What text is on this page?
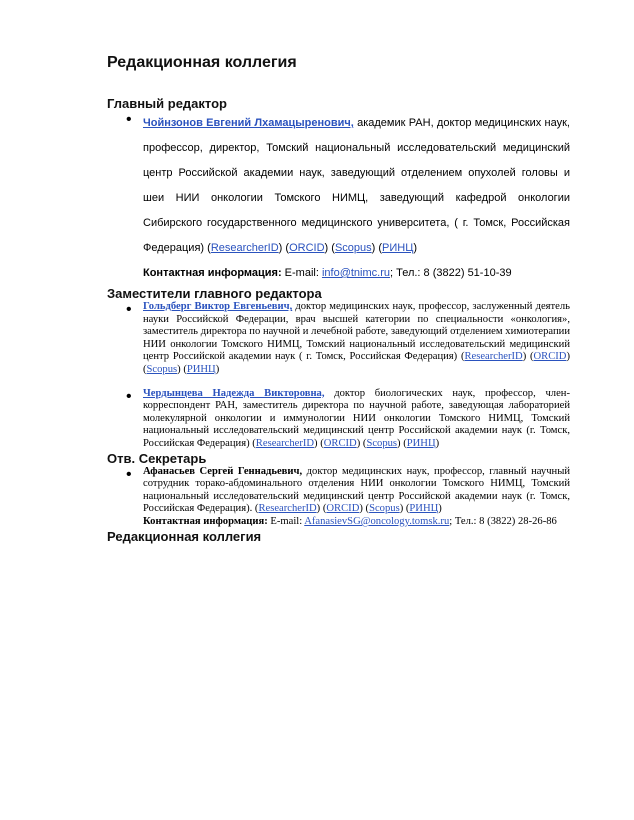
Редакционная коллегия
Главный редактор
• Чойнзонов Евгений Лхамацыренович, академик РАН, доктор медицинских наук, профессор, директор, Томский национальный исследовательский медицинский центр Российской академии наук, заведующий отделением опухолей головы и шеи НИИ онкологии Томского НИМЦ, заведующий кафедрой онкологии Сибирского государственного медицинского университета, ( г. Томск, Российская Федерация) (ResearcherID) (ORCID) (Scopus) (РИНЦ)
Контактная информация: E-mail: info@tnimc.ru; Тел.: 8 (3822) 51-10-39
Заместители главного редактора
• Гольдберг Виктор Евгеньевич, доктор медицинских наук, профессор, заслуженный деятель науки Российской Федерации, врач высшей категории по специальности «онкология», заместитель директора по научной и лечебной работе, заведующий отделением химиотерапии НИИ онкологии Томского НИМЦ, Томский национальный исследовательский медицинский центр Российской академии наук ( г. Томск, Российская Федерация) (ResearcherID) (ORCID) (Scopus) (РИНЦ)
• Чердынцева Надежда Викторовна, доктор биологических наук, профессор, член-корреспондент РАН, заместитель директора по научной работе, заведующая лабораторией молекулярной онкологии и иммунологии НИИ онкологии Томского НИМЦ, Томский национальный исследовательский медицинский центр Российской академии наук (г. Томск, Российская Федерация) (ResearcherID) (ORCID) (Scopus) (РИНЦ)
Отв. Секретарь
• Афанасьев Сергей Геннадьевич, доктор медицинских наук, профессор, главный научный сотрудник торако-абдоминального отделения НИИ онкологии Томского НИМЦ, Томский национальный исследовательский медицинский центр Российской академии наук (г. Томск, Российская Федерация). (ResearcherID) (ORCID) (Scopus) (РИНЦ)
Контактная информация: E-mail: AfanasievSG@oncology.tomsk.ru; Тел.: 8 (3822) 28-26-86
Редакционная коллегия
